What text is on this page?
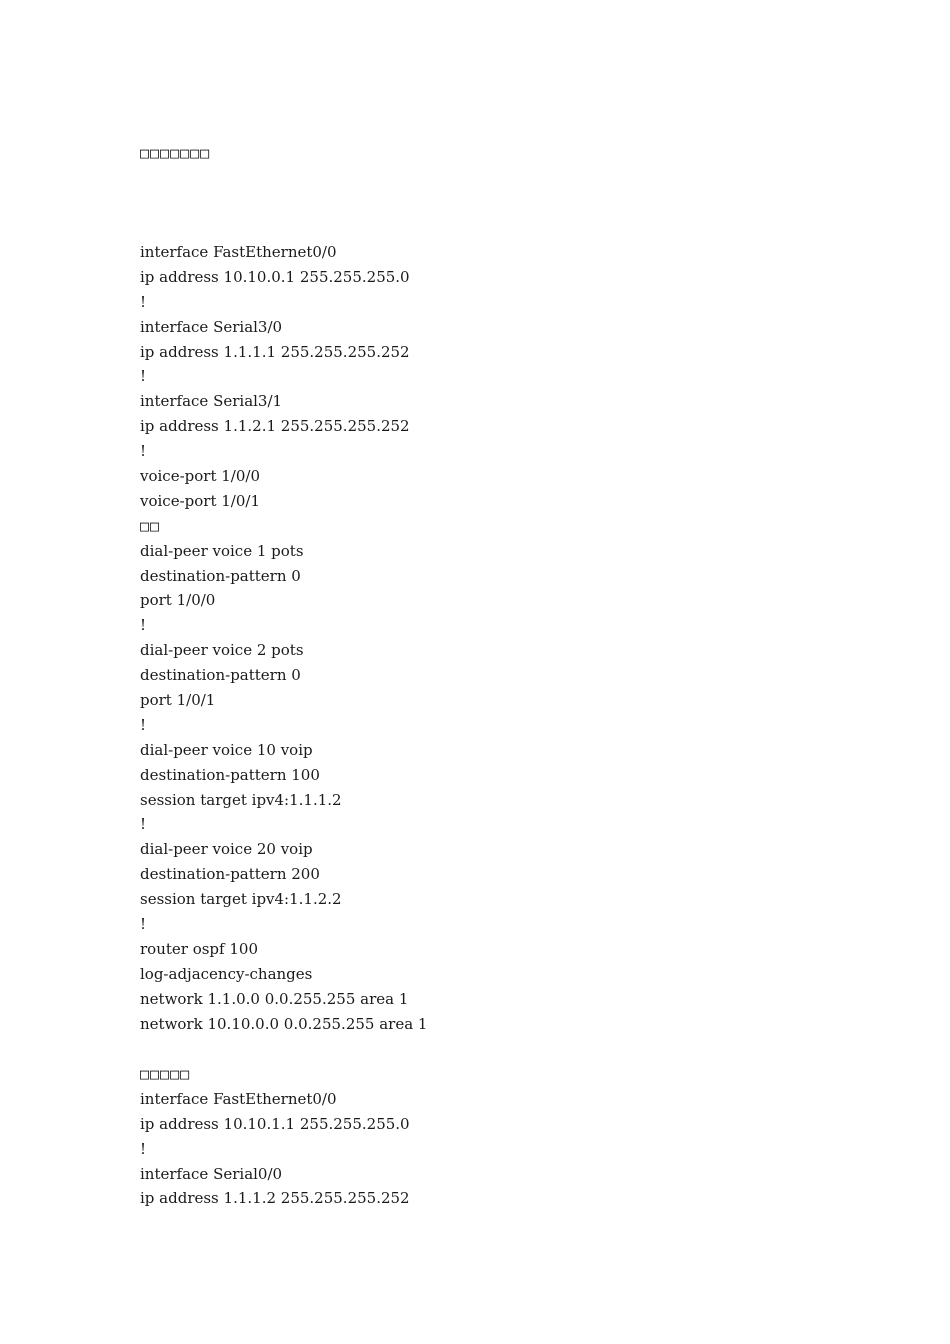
□□□□□□□
interface FastEthernet0/0
ip address 10.10.0.1 255.255.255.0
!
interface Serial3/0
ip address 1.1.1.1 255.255.255.252
!
interface Serial3/1
ip address 1.1.2.1 255.255.255.252
!
voice-port 1/0/0
voice-port 1/0/1
□□
dial-peer voice 1 pots
destination-pattern 0
port 1/0/0
!
dial-peer voice 2 pots
destination-pattern 0
port 1/0/1
!
dial-peer voice 10 voip
destination-pattern 100
session target ipv4:1.1.1.2
!
dial-peer voice 20 voip
destination-pattern 200
session target ipv4:1.1.2.2
!
router ospf 100
log-adjacency-changes
network 1.1.0.0 0.0.255.255 area 1
network 10.10.0.0 0.0.255.255 area 1
□□□□□
interface FastEthernet0/0
ip address 10.10.1.1 255.255.255.0
!
interface Serial0/0
ip address 1.1.1.2 255.255.255.252
